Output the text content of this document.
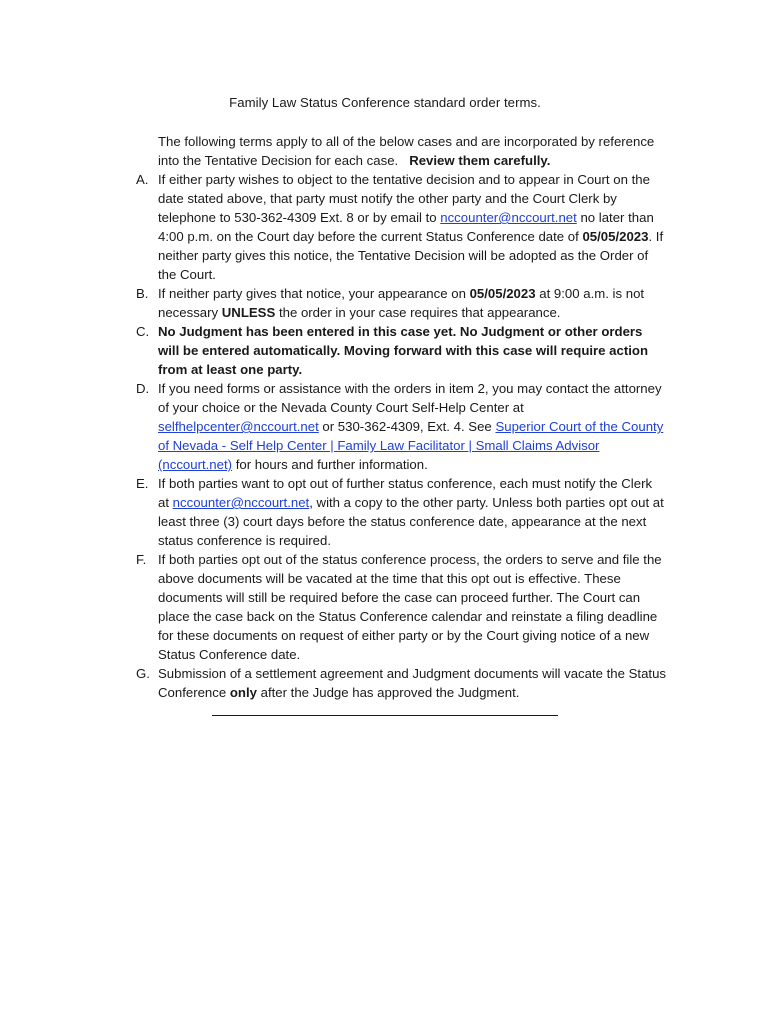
Family Law Status Conference standard order terms.
The following terms apply to all of the below cases and are incorporated by reference into the Tentative Decision for each case. Review them carefully.
A. If either party wishes to object to the tentative decision and to appear in Court on the date stated above, that party must notify the other party and the Court Clerk by telephone to 530-362-4309 Ext. 8 or by email to nccounter@nccourt.net no later than 4:00 p.m. on the Court day before the current Status Conference date of 05/05/2023. If neither party gives this notice, the Tentative Decision will be adopted as the Order of the Court.
B. If neither party gives that notice, your appearance on 05/05/2023 at 9:00 a.m. is not necessary UNLESS the order in your case requires that appearance.
C. No Judgment has been entered in this case yet. No Judgment or other orders will be entered automatically. Moving forward with this case will require action from at least one party.
D. If you need forms or assistance with the orders in item 2, you may contact the attorney of your choice or the Nevada County Court Self-Help Center at selfhelpcenter@nccourt.net or 530-362-4309, Ext. 4. See Superior Court of the County of Nevada - Self Help Center | Family Law Facilitator | Small Claims Advisor (nccourt.net) for hours and further information.
E. If both parties want to opt out of further status conference, each must notify the Clerk at nccounter@nccourt.net, with a copy to the other party. Unless both parties opt out at least three (3) court days before the status conference date, appearance at the next status conference is required.
F. If both parties opt out of the status conference process, the orders to serve and file the above documents will be vacated at the time that this opt out is effective. These documents will still be required before the case can proceed further. The Court can place the case back on the Status Conference calendar and reinstate a filing deadline for these documents on request of either party or by the Court giving notice of a new Status Conference date.
G. Submission of a settlement agreement and Judgment documents will vacate the Status Conference only after the Judge has approved the Judgment.
